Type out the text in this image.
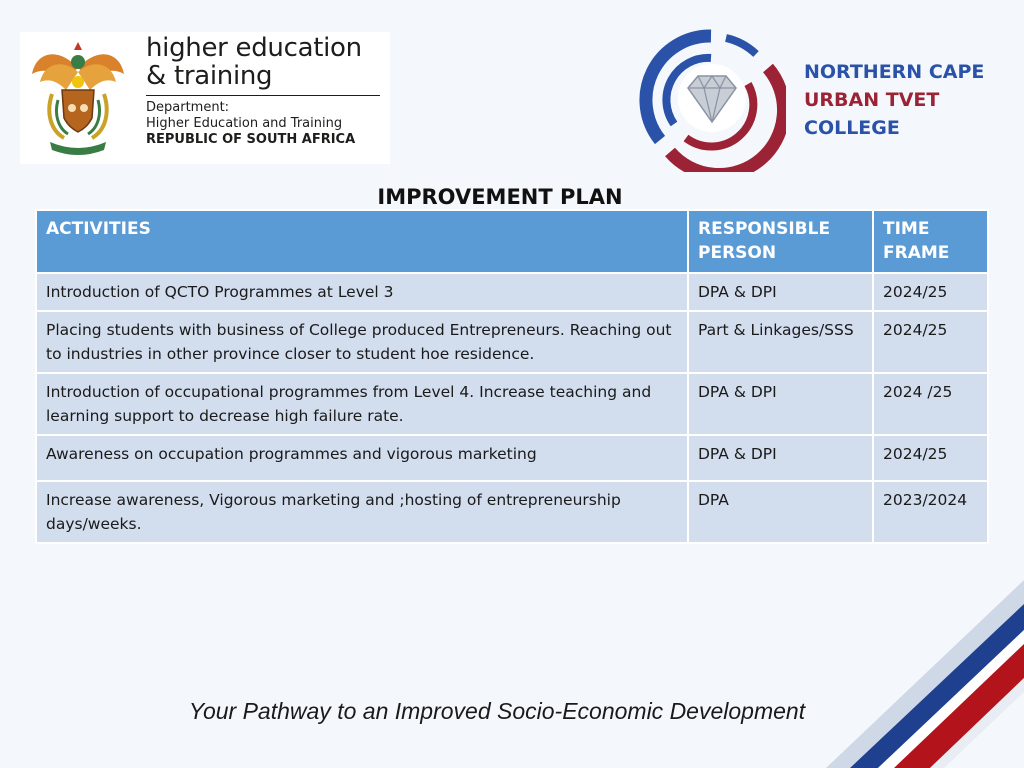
higher education
& training
Department:
Higher Education and Training
REPUBLIC OF SOUTH AFRICA
NORTHERN CAPE
URBAN TVET
COLLEGE
IMPROVEMENT PLAN
ACTIVITIES	RESPONSIBLE PERSON	TIME FRAME
Introduction of QCTO Programmes at Level 3	DPA & DPI	2024/25
Placing students with business of College produced Entrepreneurs. Reaching out to industries in other province closer to student hoe residence.	Part & Linkages/SSS	2024/25
Introduction of occupational programmes from Level 4. Increase teaching and learning support to decrease high failure rate.	DPA & DPI	2024 /25
Awareness on occupation programmes and vigorous marketing	DPA & DPI	2024/25
Increase awareness, Vigorous marketing and ;hosting of entrepreneurship days/weeks.	DPA	2023/2024
Your Pathway to an Improved Socio-Economic Development
